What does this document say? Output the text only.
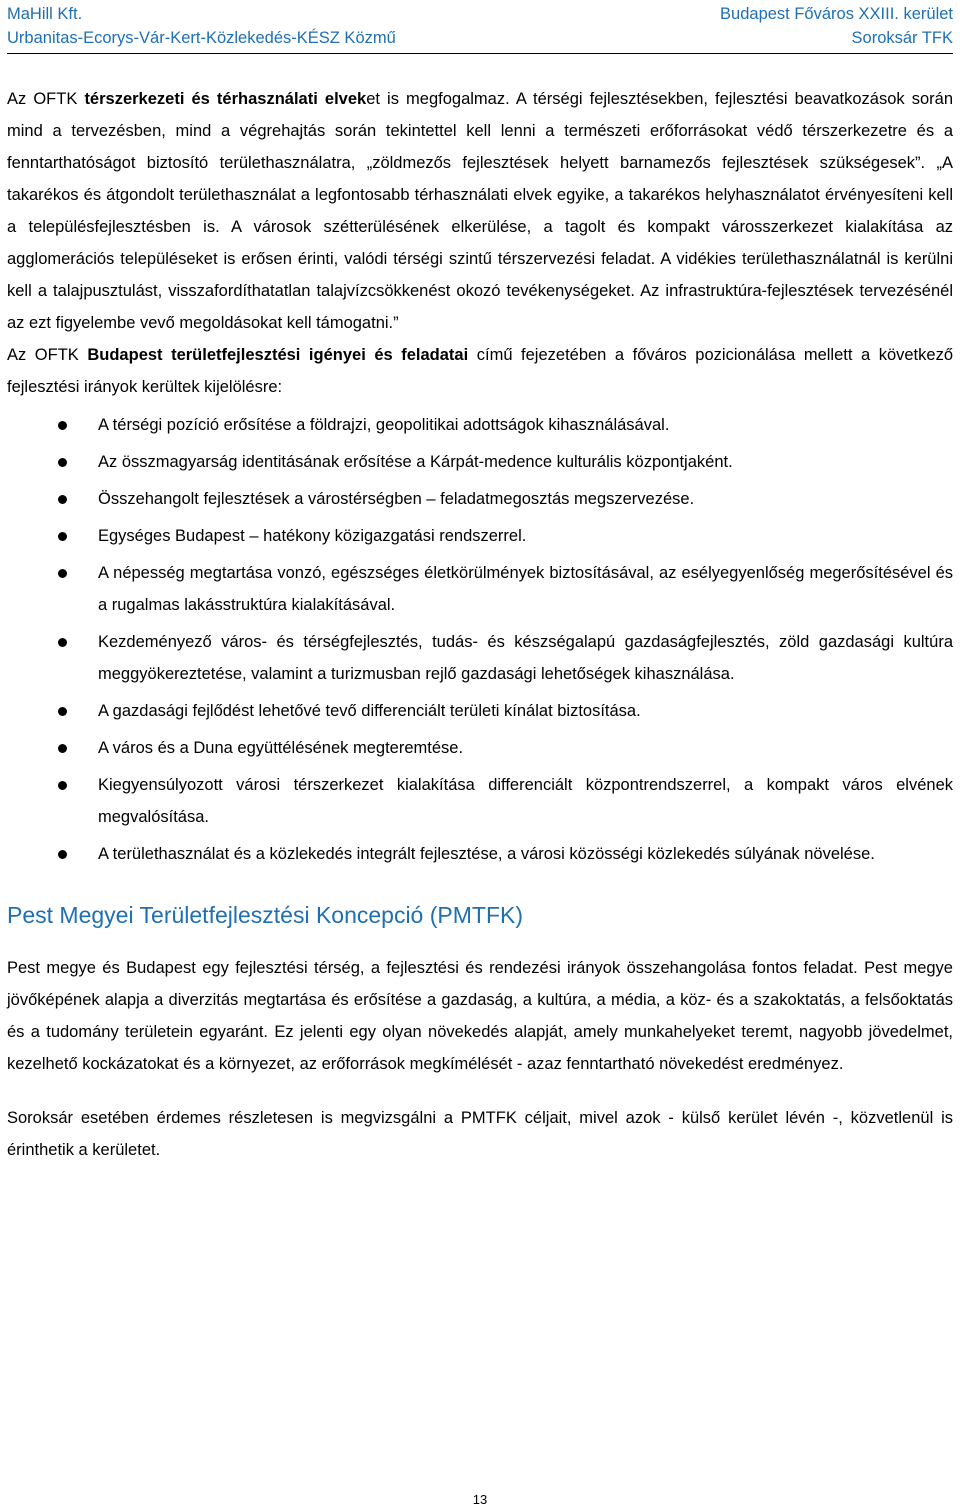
MaHill Kft.
Urbanitas-Ecorys-Vár-Kert-Közlekedés-KÉSZ Közmű
Budapest Főváros XXIII. kerület
Soroksár TFK

Az OFTK térszerkezeti és térhasználati elveket is megfogalmaz. A térségi fejlesztésekben, fejlesztési beavatkozások során mind a tervezésben, mind a végrehajtás során tekintettel kell lenni a természeti erőforrásokat védő térszerkezetre és a fenntarthatóságot biztosító területhasználatra, „zöldmezős fejlesztések helyett barnamezős fejlesztések szükségesek”. „A takarékos és átgondolt területhasználat a legfontosabb térhasználati elvek egyike, a takarékos helyhasználatot érvényesíteni kell a településfejlesztésben is. A városok szétterülésének elkerülése, a tagolt és kompakt városszerkezet kialakítása az agglomerációs településeket is erősen érinti, valódi térségi szintű térszervezési feladat. A vidékies területhasználatnál is kerülni kell a talajpusztulást, visszafordíthatatlan talajvízcsökkenést okozó tevékenységeket. Az infrastruktúra-fejlesztések tervezésénél az ezt figyelembe vevő megoldásokat kell támogatni.”

Az OFTK Budapest területfejlesztési igényei és feladatai című fejezetében a főváros pozicionálása mellett a következő fejlesztési irányok kerültek kijelölésre:

A térségi pozíció erősítése a földrajzi, geopolitikai adottságok kihasználásával.
Az összmagyarság identitásának erősítése a Kárpát-medence kulturális központjaként.
Összehangolt fejlesztések a várostérségben – feladatmegosztás megszervezése.
Egységes Budapest – hatékony közigazgatási rendszerrel.
A népesség megtartása vonzó, egészséges életkörülmények biztosításával, az esélyegyenlőség megerősítésével és a rugalmas lakásstruktúra kialakításával.
Kezdeményező város- és térségfejlesztés, tudás- és készségalapú gazdaságfejlesztés, zöld gazdasági kultúra meggyökereztetése, valamint a turizmusban rejlő gazdasági lehetőségek kihasználása.
A gazdasági fejlődést lehetővé tevő differenciált területi kínálat biztosítása.
A város és a Duna együttélésének megteremtése.
Kiegyensúlyozott városi térszerkezet kialakítása differenciált központrendszerrel, a kompakt város elvének megvalósítása.
A területhasználat és a közlekedés integrált fejlesztése, a városi közösségi közlekedés súlyának növelése.
Pest Megyei Területfejlesztési Koncepció (PMTFK)

Pest megye és Budapest egy fejlesztési térség, a fejlesztési és rendezési irányok összehangolása fontos feladat. Pest megye jövőképének alapja a diverzitás megtartása és erősítése a gazdaság, a kultúra, a média, a köz- és a szakoktatás, a felsőoktatás és a tudomány területein egyaránt. Ez jelenti egy olyan növekedés alapját, amely munkahelyeket teremt, nagyobb jövedelmet, kezelhető kockázatokat és a környezet, az erőforrások megkímélését - azaz fenntartható növekedést eredményez.

Soroksár esetében érdemes részletesen is megvizsgálni a PMTFK céljait, mivel azok - külső kerület lévén -, közvetlenül is érinthetik a kerületet.

13
